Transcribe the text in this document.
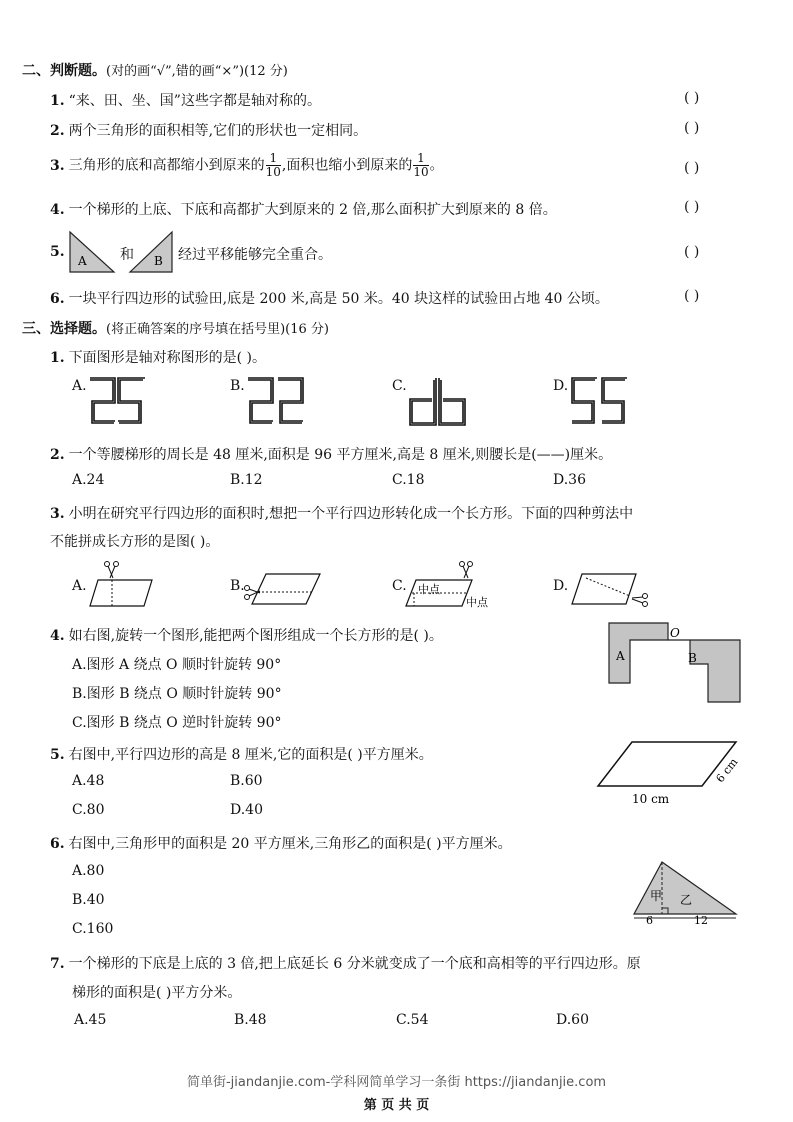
二、判断题。(对的画“√”,错的画“×”)(12 分)
1. “来、田、坐、国”这些字都是轴对称的。	( )
2. 两个三角形的面积相等,它们的形状也一定相同。	( )
3. 三角形的底和高都缩小到原来的 $\frac{1}{10}$ ,面积也缩小到原来的 $\frac{1}{10}$ 。	( )
4. 一个梯形的上底、下底和高都扩大到原来的 2 倍,那么面积扩大到原来的 8 倍。	( )
5.
A	B
和	经过平移能够完全重合。	( )
6. 一块平行四边形的试验田,底是 200 米,高是 50 米。40 块这样的试验田占地 40 公顷。	( )
三、选择题。(将正确答案的序号填在括号里)(16 分)
1. 下面图形是轴对称图形的是( )。
A.	B.	C.	D.
2. 一个等腰梯形的周长是 48 厘米,面积是 96 平方厘米,高是 8 厘米,则腰长是(——)厘米。
A.24	B.12	C.18	D.36
3. 小明在研究平行四边形的面积时,想把一个平行四边形转化成一个长方形。下面的四种剪法中
不能拼成长方形的是图( )。
A.	B.	C.	D.
中点
中点
4. 如右图,旋转一个图形,能把两个图形组成一个长方形的是( )。
A.图形 A 绕点 O 顺时针旋转 90°
B.图形 B 绕点 O 顺时针旋转 90°
C.图形 B 绕点 O 逆时针旋转 90°
A	B
O
5. 右图中,平行四边形的高是 8 厘米,它的面积是( )平方厘米。
A.48	B.60
C.80	D.40
10 cm
6 cm
6. 右图中,三角形甲的面积是 20 平方厘米,三角形乙的面积是( )平方厘米。
A.80
B.40
C.160
甲 乙
6	12
7. 一个梯形的下底是上底的 3 倍,把上底延长 6 分米就变成了一个底和高相等的平行四边形。原
梯形的面积是( )平方分米。
A.45	B.48	C.54	D.60
简单街-jiandanjie.com-学科网简单学习一条街 https://jiandanjie.com
第 页 共 页
